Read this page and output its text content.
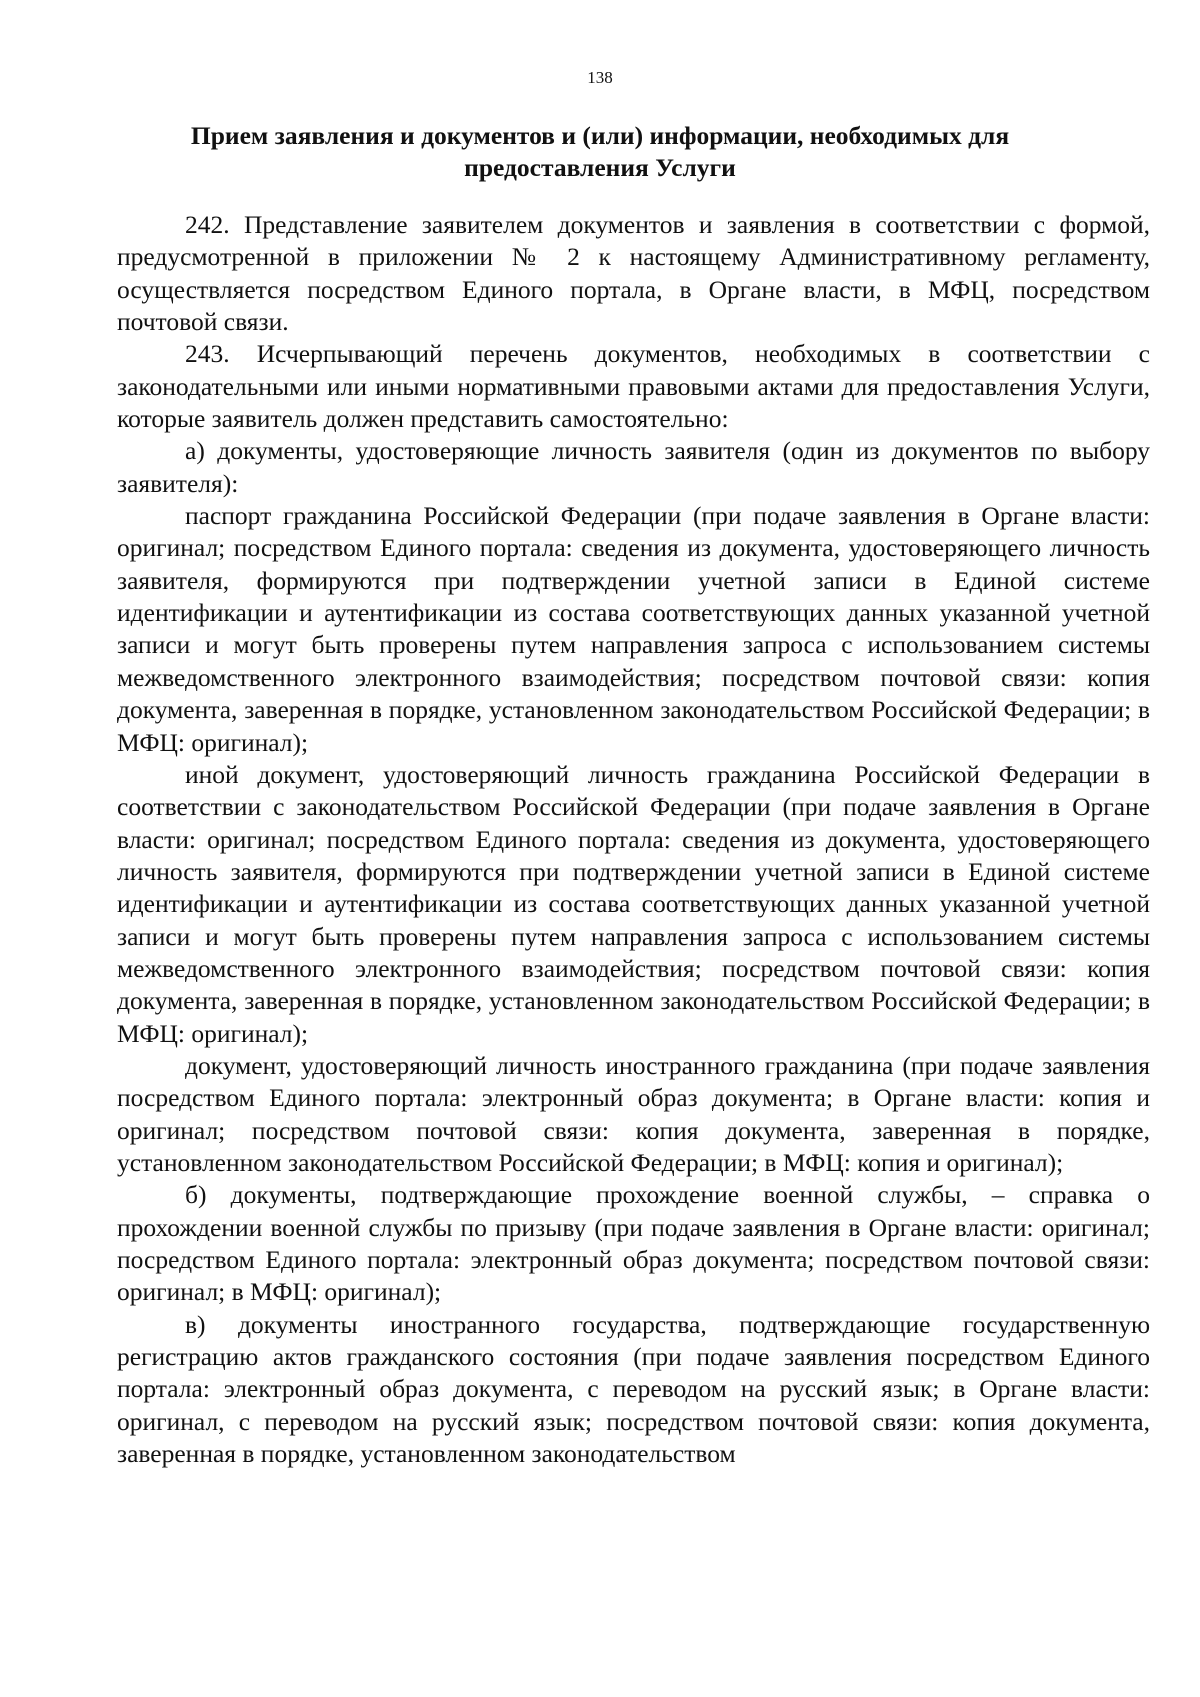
138
Прием заявления и документов и (или) информации, необходимых для предоставления Услуги

242. Представление заявителем документов и заявления в соответствии с формой, предусмотренной в приложении № 2 к настоящему Административному регламенту, осуществляется посредством Единого портала, в Органе власти, в МФЦ, посредством почтовой связи.

243. Исчерпывающий перечень документов, необходимых в соответствии с законодательными или иными нормативными правовыми актами для предоставления Услуги, которые заявитель должен представить самостоятельно:

а) документы, удостоверяющие личность заявителя (один из документов по выбору заявителя):

паспорт гражданина Российской Федерации (при подаче заявления в Органе власти: оригинал; посредством Единого портала: сведения из документа, удостоверяющего личность заявителя, формируются при подтверждении учетной записи в Единой системе идентификации и аутентификации из состава соответствующих данных указанной учетной записи и могут быть проверены путем направления запроса с использованием системы межведомственного электронного взаимодействия; посредством почтовой связи: копия документа, заверенная в порядке, установленном законодательством Российской Федерации; в МФЦ: оригинал);

иной документ, удостоверяющий личность гражданина Российской Федерации в соответствии с законодательством Российской Федерации (при подаче заявления в Органе власти: оригинал; посредством Единого портала: сведения из документа, удостоверяющего личность заявителя, формируются при подтверждении учетной записи в Единой системе идентификации и аутентификации из состава соответствующих данных указанной учетной записи и могут быть проверены путем направления запроса с использованием системы межведомственного электронного взаимодействия; посредством почтовой связи: копия документа, заверенная в порядке, установленном законодательством Российской Федерации; в МФЦ: оригинал);

документ, удостоверяющий личность иностранного гражданина (при подаче заявления посредством Единого портала: электронный образ документа; в Органе власти: копия и оригинал; посредством почтовой связи: копия документа, заверенная в порядке, установленном законодательством Российской Федерации; в МФЦ: копия и оригинал);

б) документы, подтверждающие прохождение военной службы, – справка о прохождении военной службы по призыву (при подаче заявления в Органе власти: оригинал; посредством Единого портала: электронный образ документа; посредством почтовой связи: оригинал; в МФЦ: оригинал);

в) документы иностранного государства, подтверждающие государственную регистрацию актов гражданского состояния (при подаче заявления посредством Единого портала: электронный образ документа, с переводом на русский язык; в Органе власти: оригинал, с переводом на русский язык; посредством почтовой связи: копия документа, заверенная в порядке, установленном законодательством
